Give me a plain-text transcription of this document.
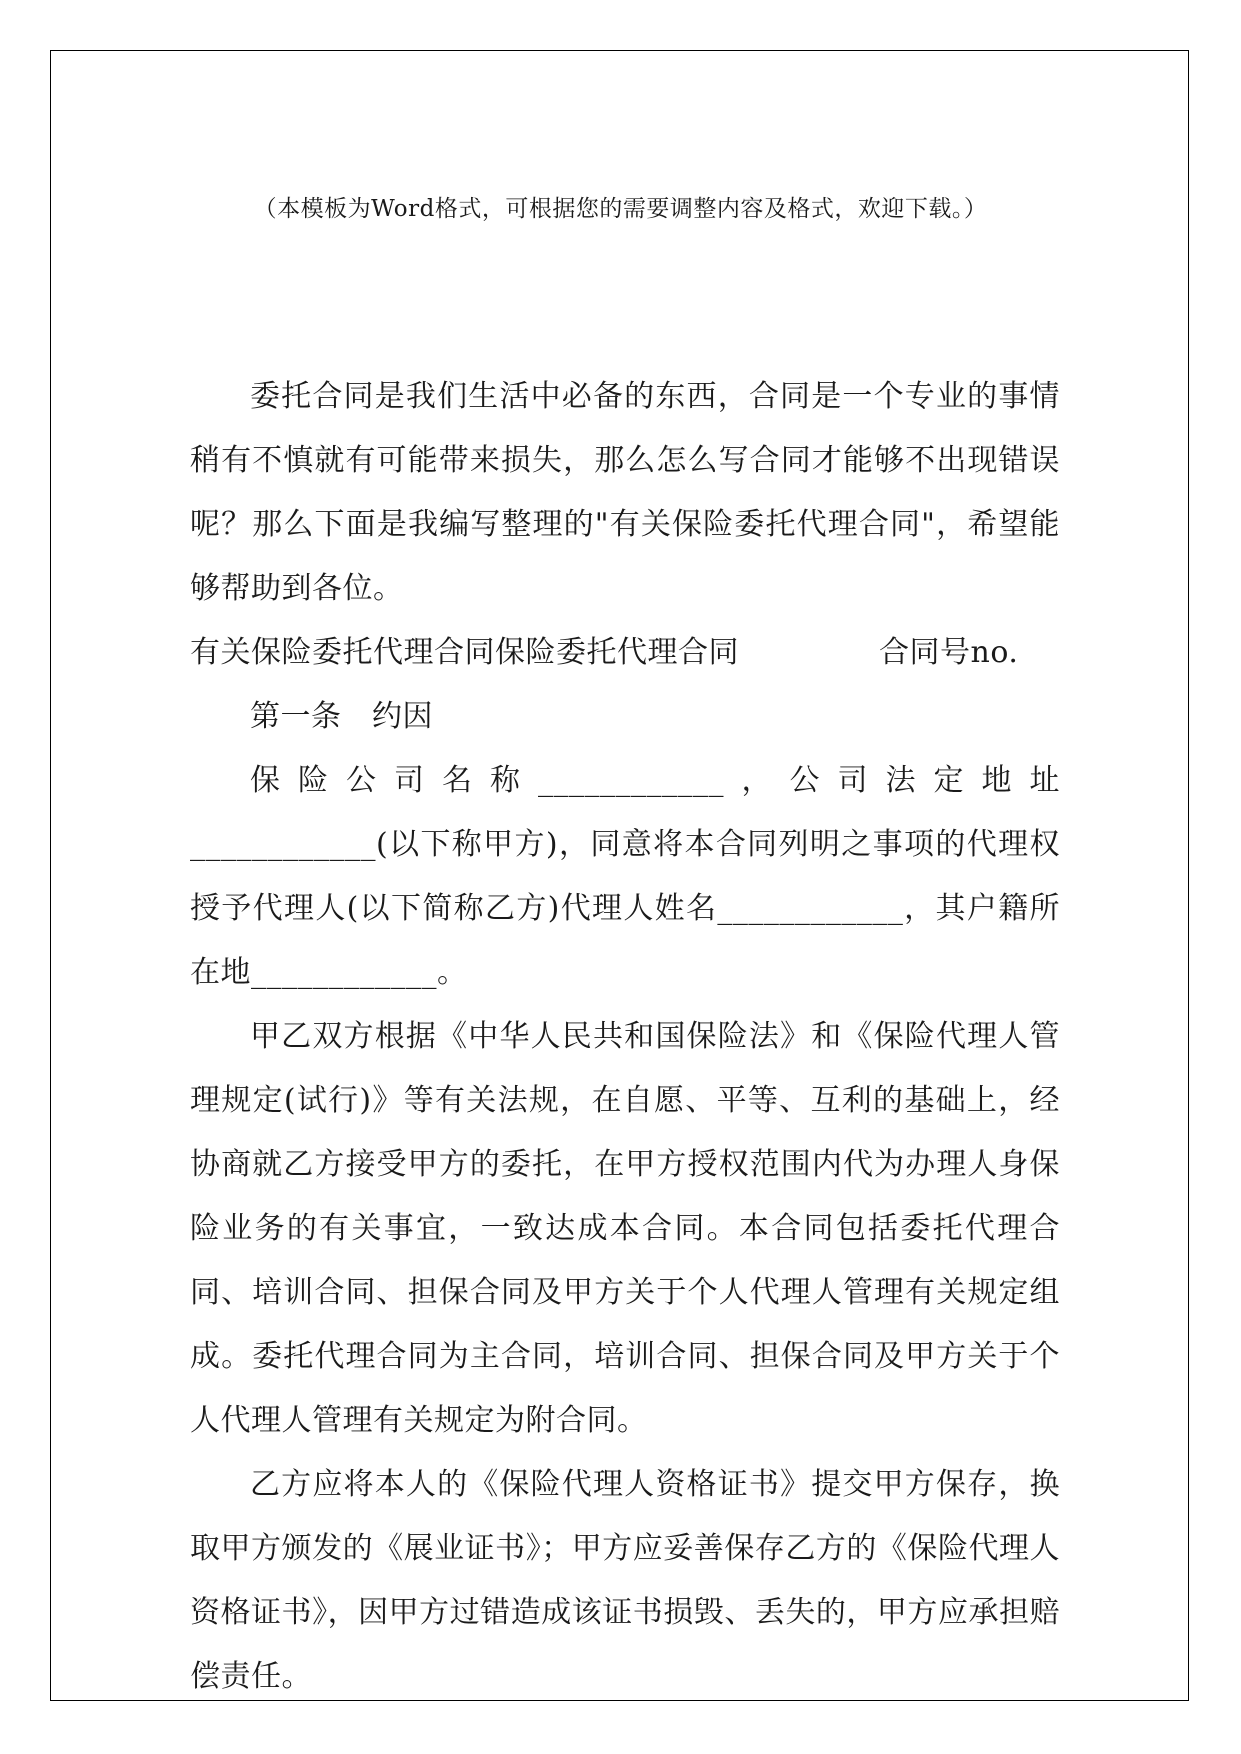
（本模板为Word格式，可根据您的需要调整内容及格式，欢迎下载。）

委托合同是我们生活中必备的东西，合同是一个专业的事情稍有不慎就有可能带来损失，那么怎么写合同才能够不出现错误呢？那么下面是我编写整理的"有关保险委托代理合同"，希望能够帮助到各位。

有关保险委托代理合同保险委托代理合同	合同号no.

第一条　约因

保险公司名称____________，公司法定地址____________(以下称甲方)，同意将本合同列明之事项的代理权授予代理人(以下简称乙方)代理人姓名____________，其户籍所在地____________。

甲乙双方根据《中华人民共和国保险法》和《保险代理人管理规定(试行)》等有关法规，在自愿、平等、互利的基础上，经协商就乙方接受甲方的委托，在甲方授权范围内代为办理人身保险业务的有关事宜，一致达成本合同。本合同包括委托代理合同、培训合同、担保合同及甲方关于个人代理人管理有关规定组成。委托代理合同为主合同，培训合同、担保合同及甲方关于个人代理人管理有关规定为附合同。

乙方应将本人的《保险代理人资格证书》提交甲方保存，换取甲方颁发的《展业证书》；甲方应妥善保存乙方的《保险代理人资格证书》，因甲方过错造成该证书损毁、丢失的，甲方应承担赔偿责任。
